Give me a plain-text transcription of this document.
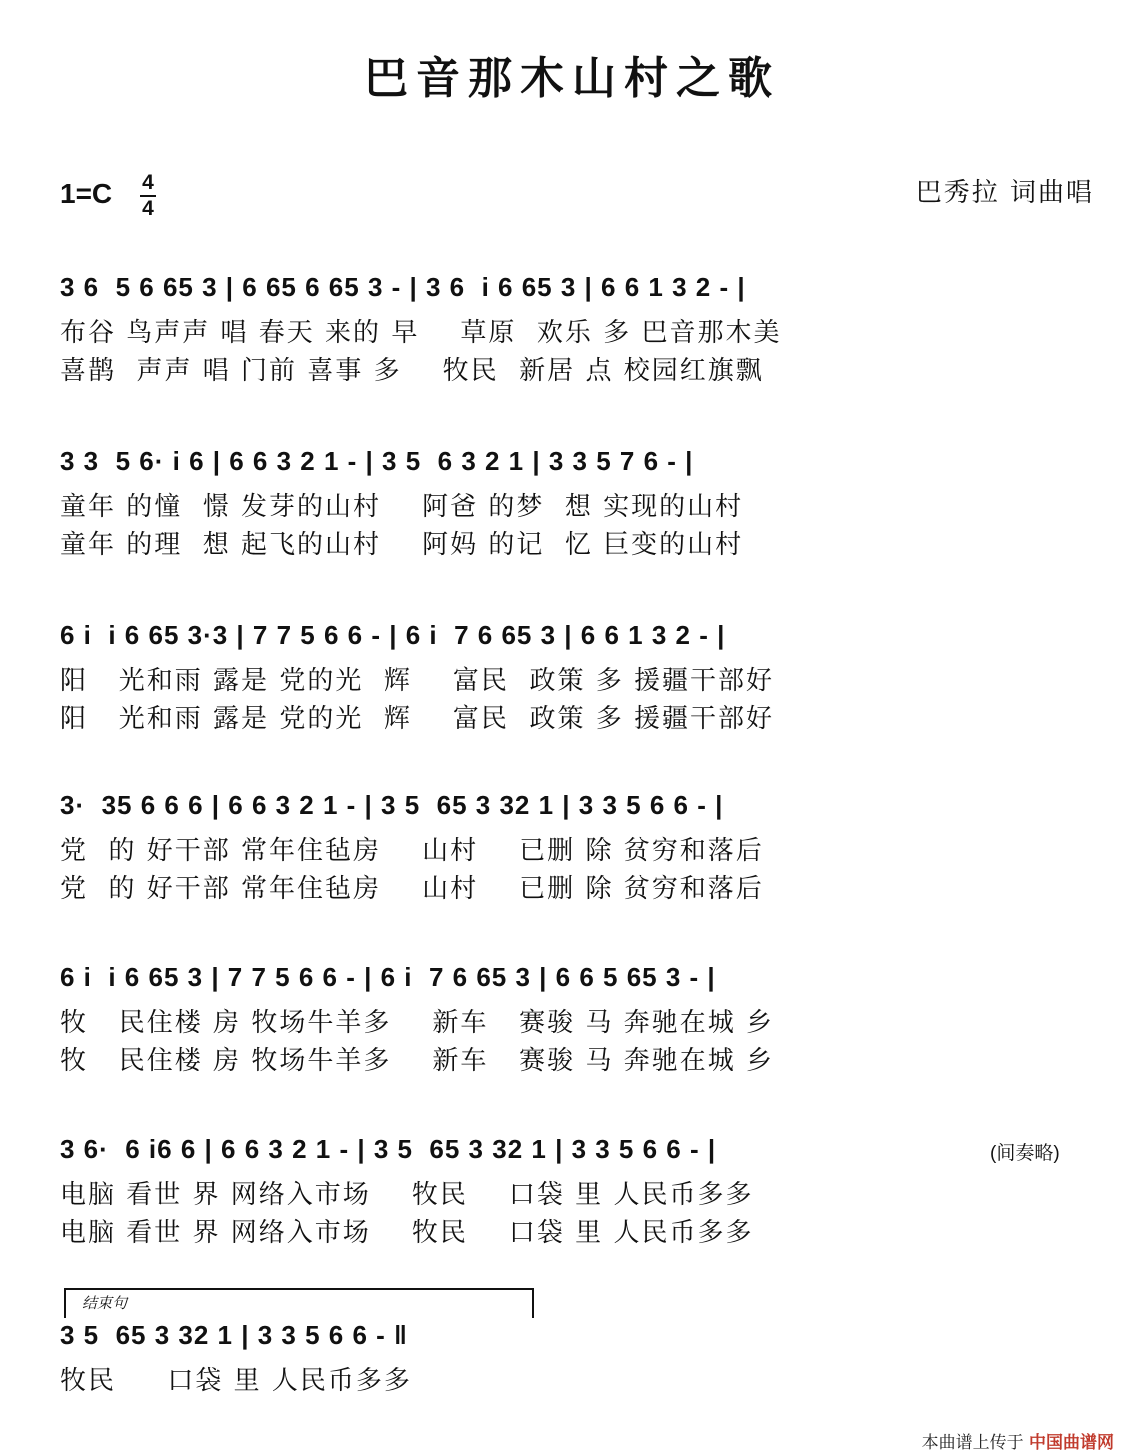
巴音那木山村之歌
1=C 4
4
巴秀拉 词曲唱
3 6  5 6 65 3 | 6 65 6 65 3 - | 3 6  i 6 65 3 | 6 6 1 3 2 - |
布谷 鸟声声 唱 春天 来的 早    草原  欢乐 多 巴音那木美
喜鹊  声声 唱 门前 喜事 多    牧民  新居 点 校园红旗飘
3 3  5 6· i 6 | 6 6 3 2 1 - | 3 5  6 3 2 1 | 3 3 5 7 6 - |
童年 的憧  憬 发芽的山村    阿爸 的梦  想 实现的山村
童年 的理  想 起飞的山村    阿妈 的记  忆 巨变的山村
6 i  i 6 65 3·3 | 7 7 5 6 6 - | 6 i  7 6 65 3 | 6 6 1 3 2 - |
阳   光和雨 露是 党的光  辉    富民  政策 多 援疆干部好
阳   光和雨 露是 党的光  辉    富民  政策 多 援疆干部好
3·  35 6 6 6 | 6 6 3 2 1 - | 3 5  65 3 32 1 | 3 3 5 6 6 - |
党  的 好干部 常年住毡房    山村    已删 除 贫穷和落后
党  的 好干部 常年住毡房    山村    已删 除 贫穷和落后
6 i  i 6 65 3 | 7 7 5 6 6 - | 6 i  7 6 65 3 | 6 6 5 65 3 - |
牧   民住楼 房 牧场牛羊多    新车   赛骏 马 奔驰在城 乡
牧   民住楼 房 牧场牛羊多    新车   赛骏 马 奔驰在城 乡
3 6·  6 i6 6 | 6 6 3 2 1 - | 3 5  65 3 32 1 | 3 3 5 6 6 - |
电脑 看世 界 网络入市场    牧民    口袋 里 人民币多多
电脑 看世 界 网络入市场    牧民    口袋 里 人民币多多
(间奏略)
结束句
3 5  65 3 32 1 | 3 3 5 6 6 - ‖
牧民     口袋 里 人民币多多
本曲谱上传于 中国曲谱网
